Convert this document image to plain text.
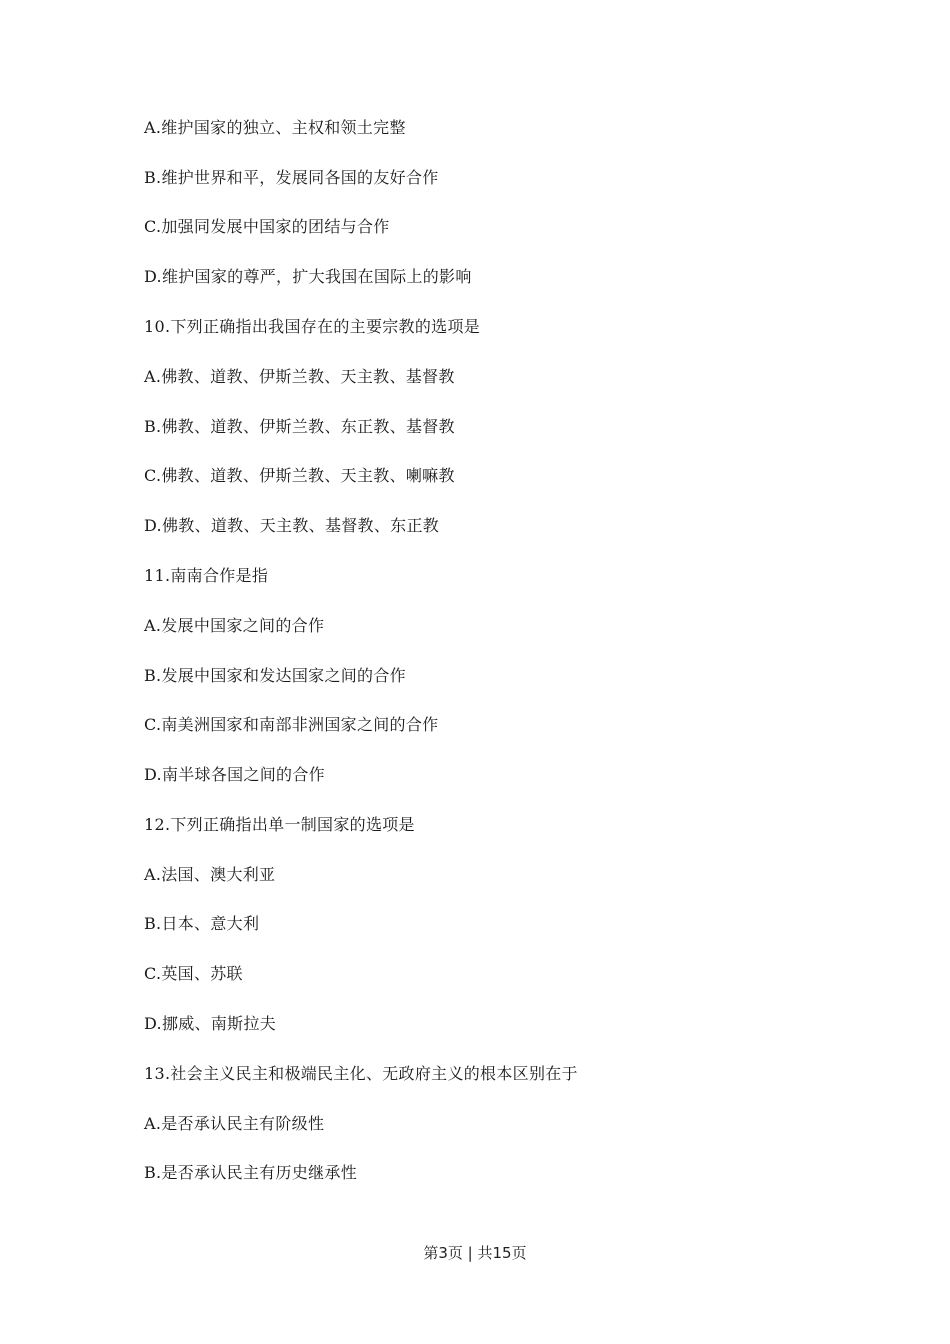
A.维护国家的独立、主权和领土完整
B.维护世界和平，发展同各国的友好合作
C.加强同发展中国家的团结与合作
D.维护国家的尊严，扩大我国在国际上的影响
10.下列正确指出我国存在的主要宗教的选项是
A.佛教、道教、伊斯兰教、天主教、基督教
B.佛教、道教、伊斯兰教、东正教、基督教
C.佛教、道教、伊斯兰教、天主教、喇嘛教
D.佛教、道教、天主教、基督教、东正教
11.南南合作是指
A.发展中国家之间的合作
B.发展中国家和发达国家之间的合作
C.南美洲国家和南部非洲国家之间的合作
D.南半球各国之间的合作
12.下列正确指出单一制国家的选项是
A.法国、澳大利亚
B.日本、意大利
C.英国、苏联
D.挪威、南斯拉夫
13.社会主义民主和极端民主化、无政府主义的根本区别在于
A.是否承认民主有阶级性
B.是否承认民主有历史继承性
第3页 | 共15页
